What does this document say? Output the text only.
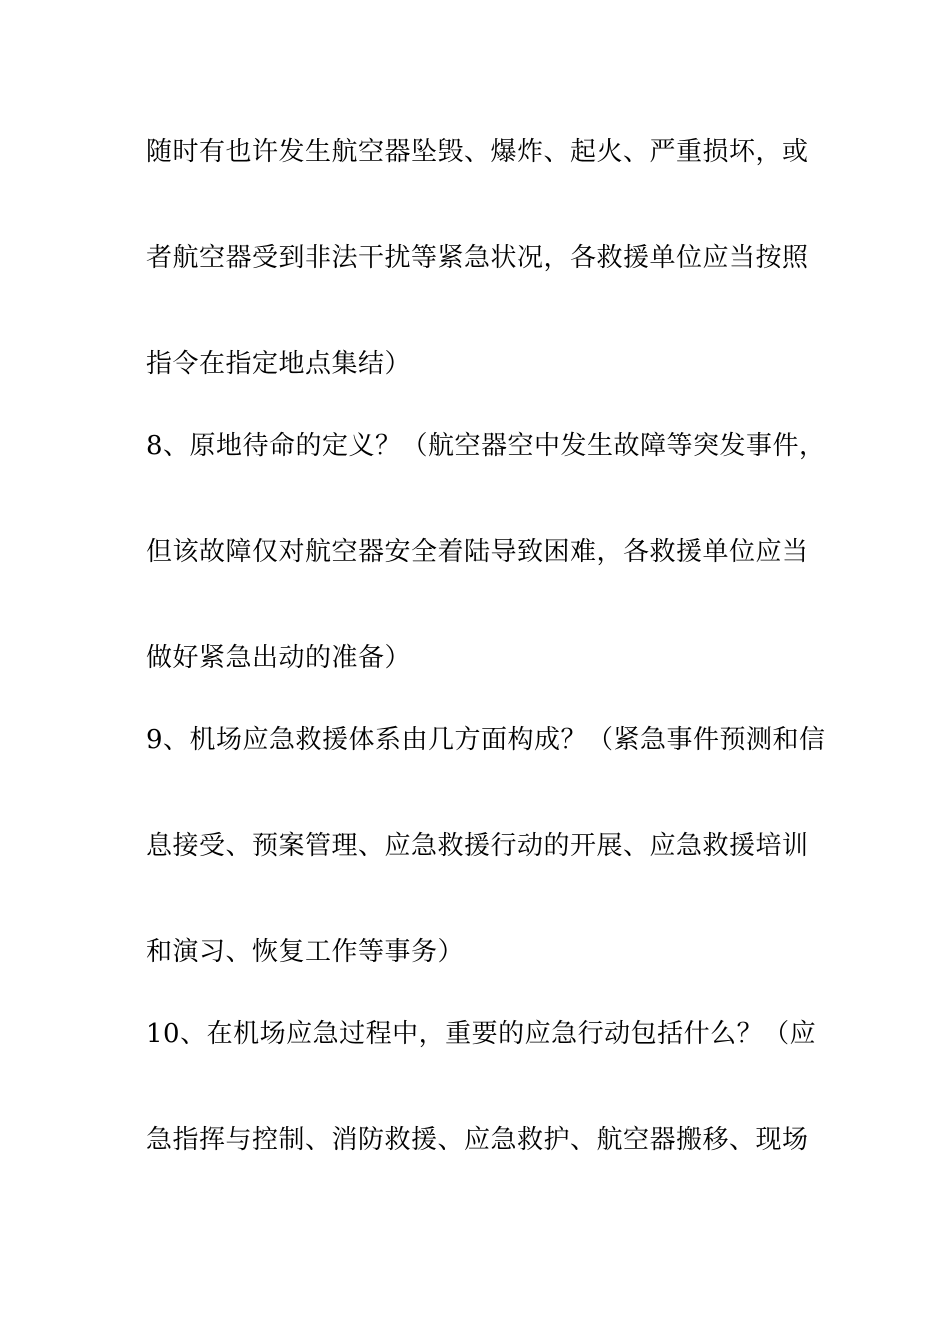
随时有也许发生航空器坠毁、爆炸、起火、严重损坏，或
者航空器受到非法干扰等紧急状况，各救援单位应当按照
指令在指定地点集结）
8、原地待命的定义？（航空器空中发生故障等突发事件，
但该故障仅对航空器安全着陆导致困难，各救援单位应当
做好紧急出动的准备）
9、机场应急救援体系由几方面构成？（紧急事件预测和信
息接受、预案管理、应急救援行动的开展、应急救援培训
和演习、恢复工作等事务）
10、在机场应急过程中，重要的应急行动包括什么？（应
急指挥与控制、消防救援、应急救护、航空器搬移、现场
